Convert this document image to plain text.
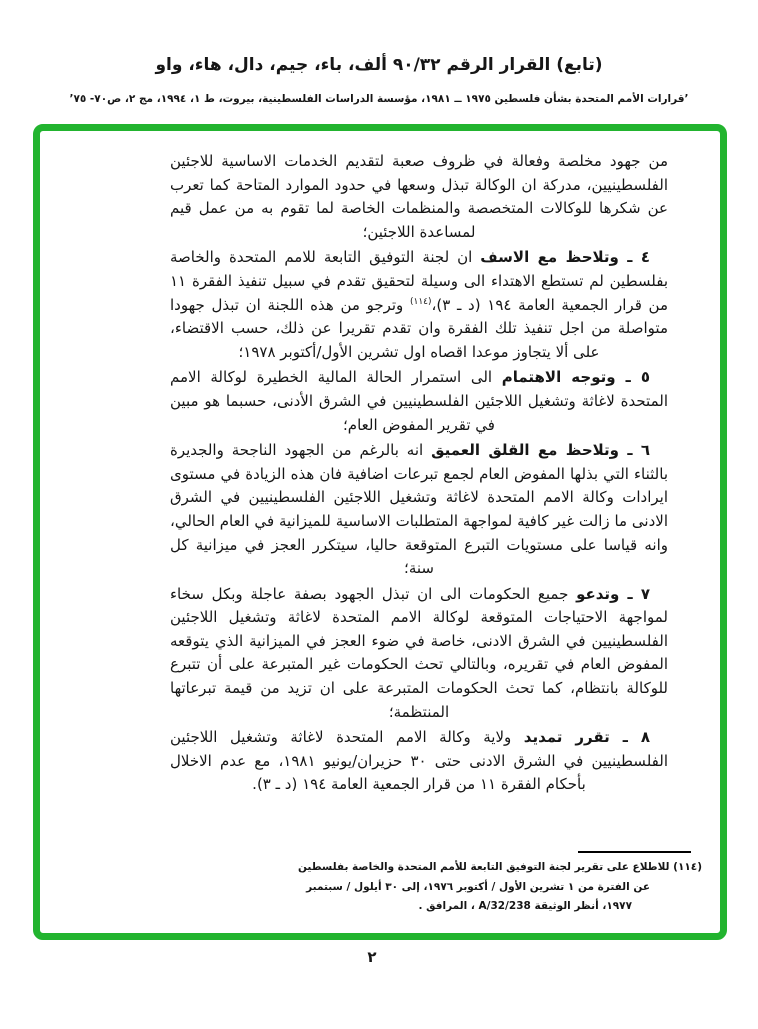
(تابع) القرار الرقم ٩٠/٣٢ ألف، باء، جيم، دال، هاء، واو
’قرارات الأمم المتحدة بشأن فلسطين ١٩٧٥ ــ ١٩٨١، مؤسسة الدراسات الفلسطينية، بيروت، ط ١، ١٩٩٤، مج ٢، ص٧٠- ٧٥’

من جهود مخلصة وفعالة في ظروف صعبة لتقديم الخدمات الاساسية للاجئين الفلسطينيين، مدركة ان الوكالة تبذل وسعها في حدود الموارد المتاحة كما تعرب عن شكرها للوكالات المتخصصة والمنظمات الخاصة لما تقوم به من عمل قيم لمساعدة اللاجئين؛

٤ ـ وتلاحظ مع الاسف ان لجنة التوفيق التابعة للامم المتحدة والخاصة بفلسطين لم تستطع الاهتداء الى وسيلة لتحقيق تقدم في سبيل تنفيذ الفقرة ١١ من قرار الجمعية العامة ١٩٤ (د ـ ٣)،$^{(١١٤)}$ وترجو من هذه اللجنة ان تبذل جهودا متواصلة من اجل تنفيذ تلك الفقرة وان تقدم تقريرا عن ذلك، حسب الاقتضاء، على ألا يتجاوز موعدا اقصاه اول تشرين الأول/أكتوبر ١٩٧٨؛

٥ ـ وتوجه الاهتمام الى استمرار الحالة المالية الخطيرة لوكالة الامم المتحدة لاغاثة وتشغيل اللاجئين الفلسطينيين في الشرق الأدنى، حسبما هو مبين في تقرير المفوض العام؛

٦ ـ وتلاحظ مع القلق العميق انه بالرغم من الجهود الناجحة والجديرة بالثناء التي بذلها المفوض العام لجمع تبرعات اضافية فان هذه الزيادة في مستوى ايرادات وكالة الامم المتحدة لاغاثة وتشغيل اللاجئين الفلسطينيين في الشرق الادنى ما زالت غير كافية لمواجهة المتطلبات الاساسية للميزانية في العام الحالي، وانه قياسا على مستويات التبرع المتوقعة حاليا، سيتكرر العجز في ميزانية كل سنة؛

٧ ـ وتدعو جميع الحكومات الى ان تبذل الجهود بصفة عاجلة وبكل سخاء لمواجهة الاحتياجات المتوقعة لوكالة الامم المتحدة لاغاثة وتشغيل اللاجئين الفلسطينيين في الشرق الادنى، خاصة في ضوء العجز في الميزانية الذي يتوقعه المفوض العام في تقريره، وبالتالي تحث الحكومات غير المتبرعة على أن تتبرع للوكالة بانتظام، كما تحث الحكومات المتبرعة على ان تزيد من قيمة تبرعاتها المنتظمة؛

٨ ـ تقرر تمديد ولاية وكالة الامم المتحدة لاغاثة وتشغيل اللاجئين الفلسطينيين في الشرق الادنى حتى ٣٠ حزيران/يونيو ١٩٨١، مع عدم الاخلال بأحكام الفقرة ١١ من قرار الجمعية العامة ١٩٤ (د ـ ٣).

(١١٤) للاطلاع على تقرير لجنة التوفيق التابعة للأمم المتحدة والخاصة بفلسطين
عن الفترة من ١ تشرين الأول / أكتوبر ١٩٧٦، إلى ٣٠ أيلول / سبتمبر
١٩٧٧، أنظر الوثيقة A/32/238 ، المرافق .
٢
